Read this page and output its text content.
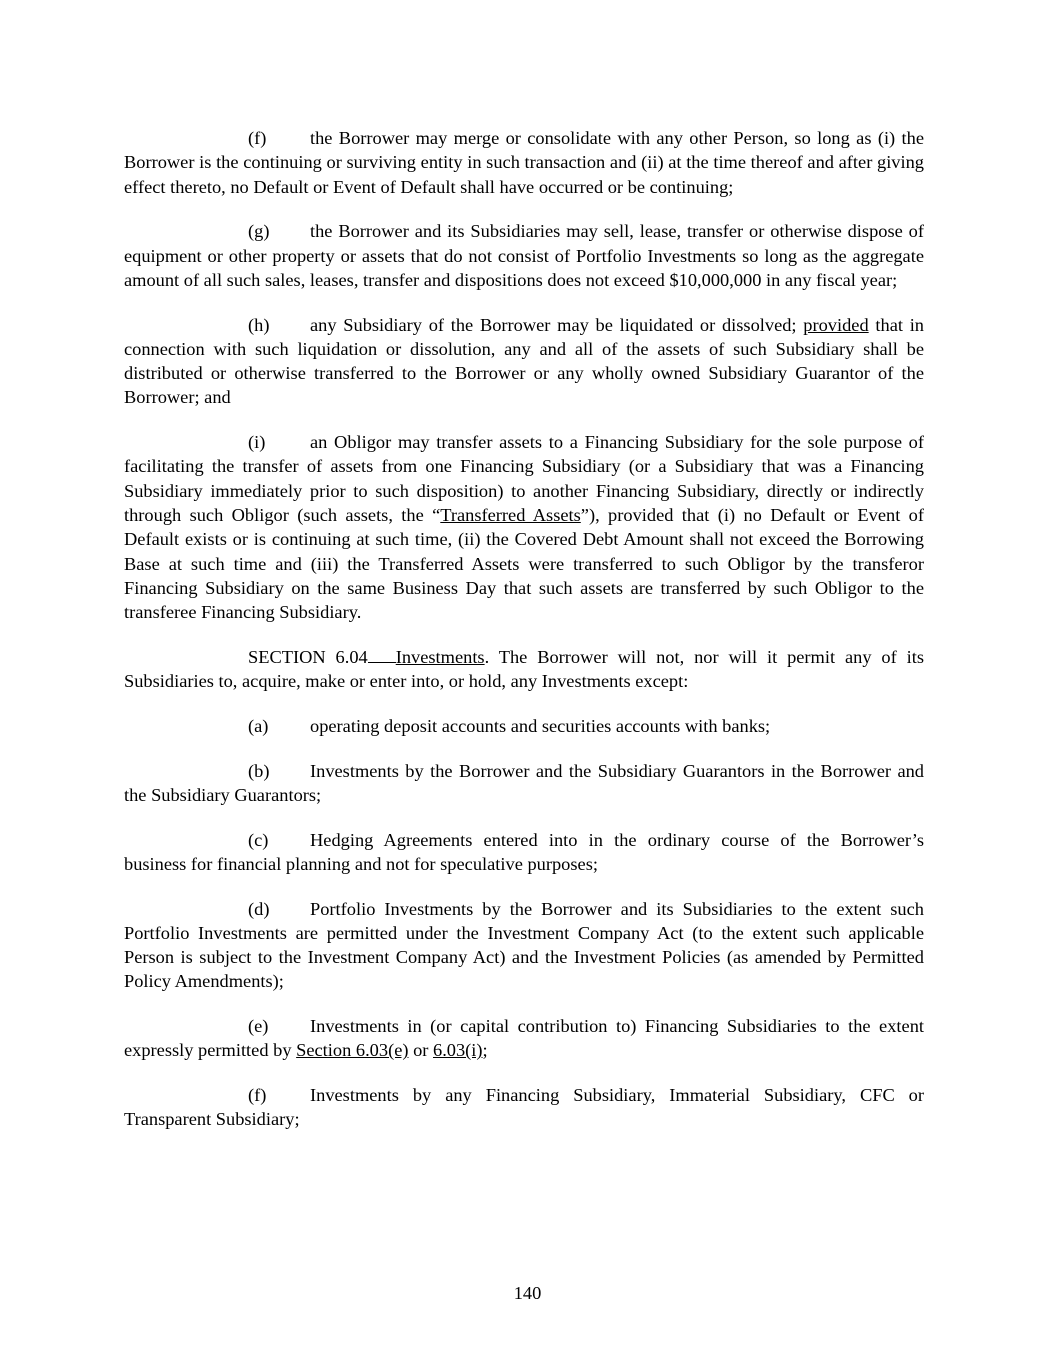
(f) the Borrower may merge or consolidate with any other Person, so long as (i) the Borrower is the continuing or surviving entity in such transaction and (ii) at the time thereof and after giving effect thereto, no Default or Event of Default shall have occurred or be continuing;

(g) the Borrower and its Subsidiaries may sell, lease, transfer or otherwise dispose of equipment or other property or assets that do not consist of Portfolio Investments so long as the aggregate amount of all such sales, leases, transfer and dispositions does not exceed $10,000,000 in any fiscal year;

(h) any Subsidiary of the Borrower may be liquidated or dissolved; provided that in connection with such liquidation or dissolution, any and all of the assets of such Subsidiary shall be distributed or otherwise transferred to the Borrower or any wholly owned Subsidiary Guarantor of the Borrower; and

(i) an Obligor may transfer assets to a Financing Subsidiary for the sole purpose of facilitating the transfer of assets from one Financing Subsidiary (or a Subsidiary that was a Financing Subsidiary immediately prior to such disposition) to another Financing Subsidiary, directly or indirectly through such Obligor (such assets, the “Transferred Assets”), provided that (i) no Default or Event of Default exists or is continuing at such time, (ii) the Covered Debt Amount shall not exceed the Borrowing Base at such time and (iii) the Transferred Assets were transferred to such Obligor by the transferor Financing Subsidiary on the same Business Day that such assets are transferred by such Obligor to the transferee Financing Subsidiary.

SECTION 6.04 Investments. The Borrower will not, nor will it permit any of its Subsidiaries to, acquire, make or enter into, or hold, any Investments except:

(a) operating deposit accounts and securities accounts with banks;

(b) Investments by the Borrower and the Subsidiary Guarantors in the Borrower and the Subsidiary Guarantors;

(c) Hedging Agreements entered into in the ordinary course of the Borrower’s business for financial planning and not for speculative purposes;

(d) Portfolio Investments by the Borrower and its Subsidiaries to the extent such Portfolio Investments are permitted under the Investment Company Act (to the extent such applicable Person is subject to the Investment Company Act) and the Investment Policies (as amended by Permitted Policy Amendments);

(e) Investments in (or capital contribution to) Financing Subsidiaries to the extent expressly permitted by Section 6.03(e) or 6.03(i);

(f) Investments by any Financing Subsidiary, Immaterial Subsidiary, CFC or Transparent Subsidiary;

140
